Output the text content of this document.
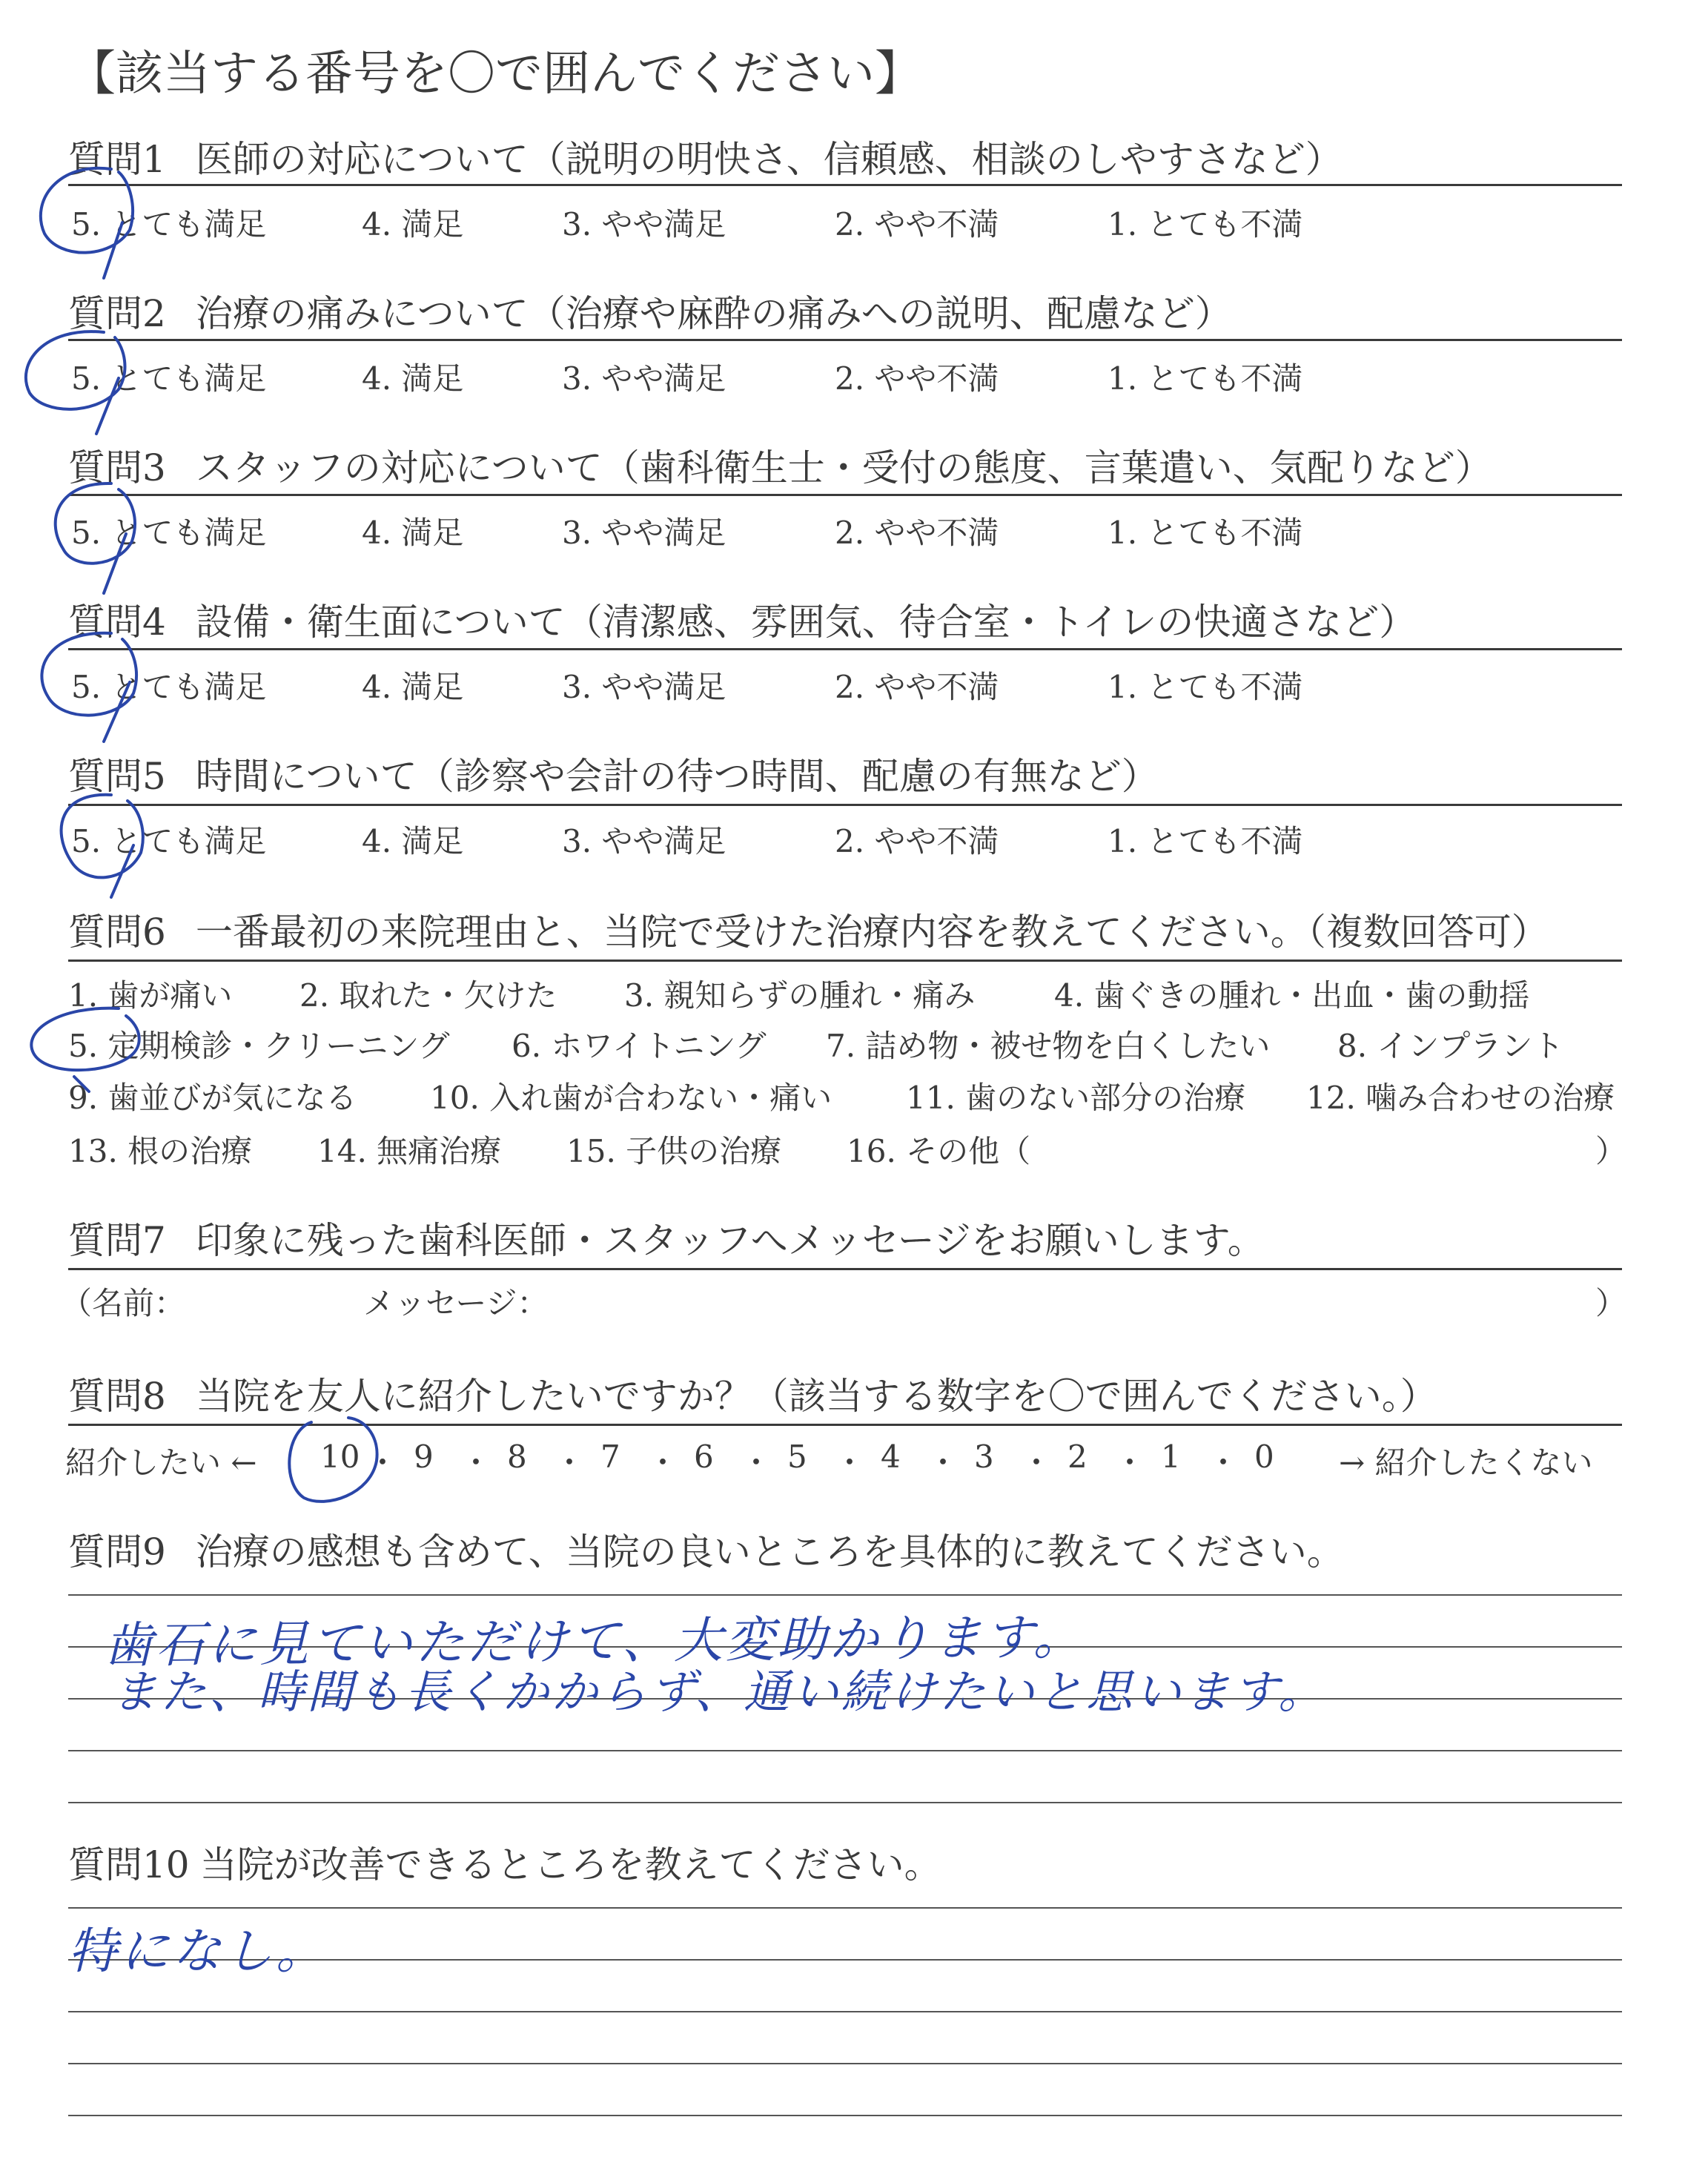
【該当する番号を〇で囲んでください】
質問1 医師の対応について（説明の明快さ、信頼感、相談のしやすさなど）
5. とても満足	4. 満足	3. やや満足	2. やや不満	1. とても不満
質問2 治療の痛みについて（治療や麻酔の痛みへの説明、配慮など）
5. とても満足	4. 満足	3. やや満足	2. やや不満	1. とても不満
質問3 スタッフの対応について（歯科衛生士・受付の態度、言葉遣い、気配りなど）
5. とても満足	4. 満足	3. やや満足	2. やや不満	1. とても不満
質問4 設備・衛生面について（清潔感、雰囲気、待合室・トイレの快適さなど）
5. とても満足	4. 満足	3. やや満足	2. やや不満	1. とても不満
質問5 時間について（診察や会計の待つ時間、配慮の有無など）
5. とても満足	4. 満足	3. やや満足	2. やや不満	1. とても不満
質問6 一番最初の来院理由と、当院で受けた治療内容を教えてください。（複数回答可）
1. 歯が痛い 2. 取れた・欠けた 3. 親知らずの腫れ・痛み	4. 歯ぐきの腫れ・出血・歯の動揺
5. 定期検診・クリーニング 6. ホワイトニング 7. 詰め物・被せ物を白くしたい 8. インプラント
9. 歯並びが気になる 10. 入れ歯が合わない・痛い 11. 歯のない部分の治療 12. 噛み合わせの治療
13. 根の治療 14. 無痛治療 15. 子供の治療 16. その他（	）
質問7 印象に残った歯科医師・スタッフへメッセージをお願いします。
（名前：	メッセージ：	）
質問8 当院を友人に紹介したいですか？（該当する数字を〇で囲んでください。）
紹介したい ← 10 ・ 9 ・ 8 ・ 7 ・ 6 ・ 5 ・ 4 ・ 3 ・ 2 ・ 1 ・ 0 → 紹介したくない
質問9 治療の感想も含めて、当院の良いところを具体的に教えてください。
歯石に見ていただけて、大変助かります。
また、時間も長くかからず、通い続けたいと思います。
質問10 当院が改善できるところを教えてください。
特になし。
